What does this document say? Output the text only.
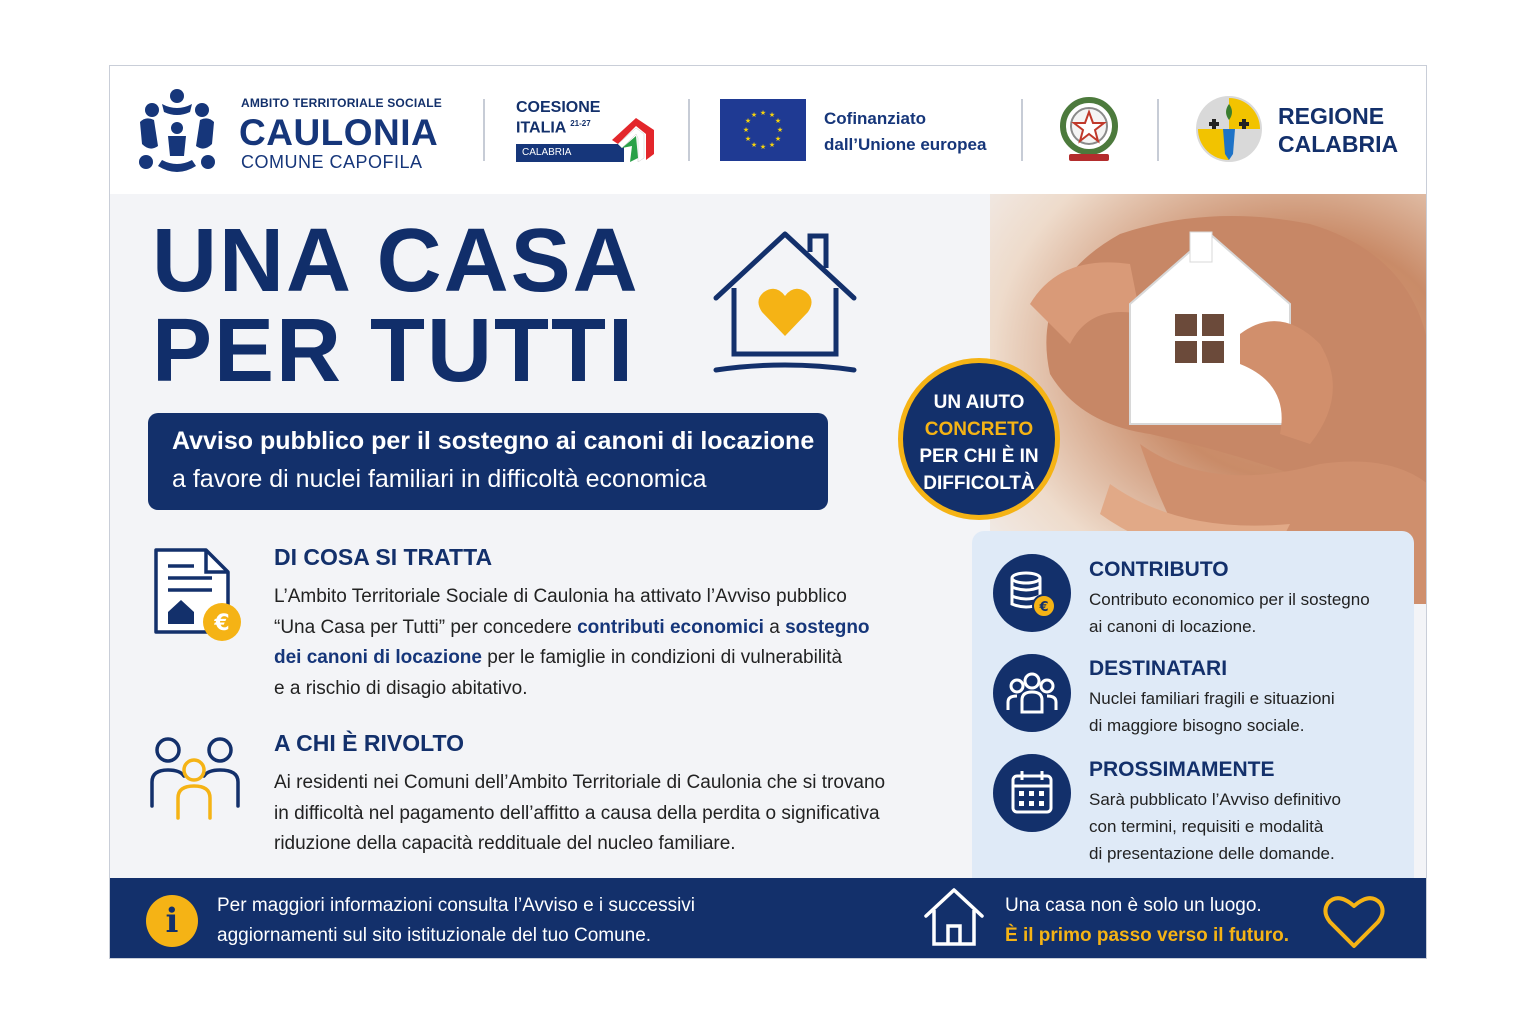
AMBITO TERRITORIALE SOCIALE
CAULONIA
COMUNE CAPOFILA
COESIONE
ITALIA $^{21-27}$
CALABRIA
★ ★
★
★
★
★
★
★
★
★
★
★	Cofinanziato
dall’Unione europea
REGIONE
CALABRIA
UNA CASA
PER TUTTI
Avviso pubblico per il sostegno ai canoni di locazione
a favore di nuclei familiari in difficoltà economica
UN AIUTO
CONCRETO
PER CHI È IN
DIFFICOLTÀ
€
DI COSA SI TRATTA
L’Ambito Territoriale Sociale di Caulonia ha attivato l’Avviso pubblico
“Una Casa per Tutti” per concedere contributi economici a sostegno
dei canoni di locazione per le famiglie in condizioni di vulnerabilità
e a rischio di disagio abitativo.
A CHI È RIVOLTO
Ai residenti nei Comuni dell’Ambito Territoriale di Caulonia che si trovano
in difficoltà nel pagamento dell’affitto a causa della perdita o significativa
riduzione della capacità reddituale del nucleo familiare.
€
CONTRIBUTO
Contributo economico per il sostegno
ai canoni di locazione.
DESTINATARI
Nuclei familiari fragili e situazioni
di maggiore bisogno sociale.
PROSSIMAMENTE
Sarà pubblicato l’Avviso definitivo
con termini, requisiti e modalità
di presentazione delle domande.
i	Per maggiori informazioni consulta l’Avviso e i successivi
aggiornamenti sul sito istituzionale del tuo Comune.
Una casa non è solo un luogo.
È il primo passo verso il futuro.
